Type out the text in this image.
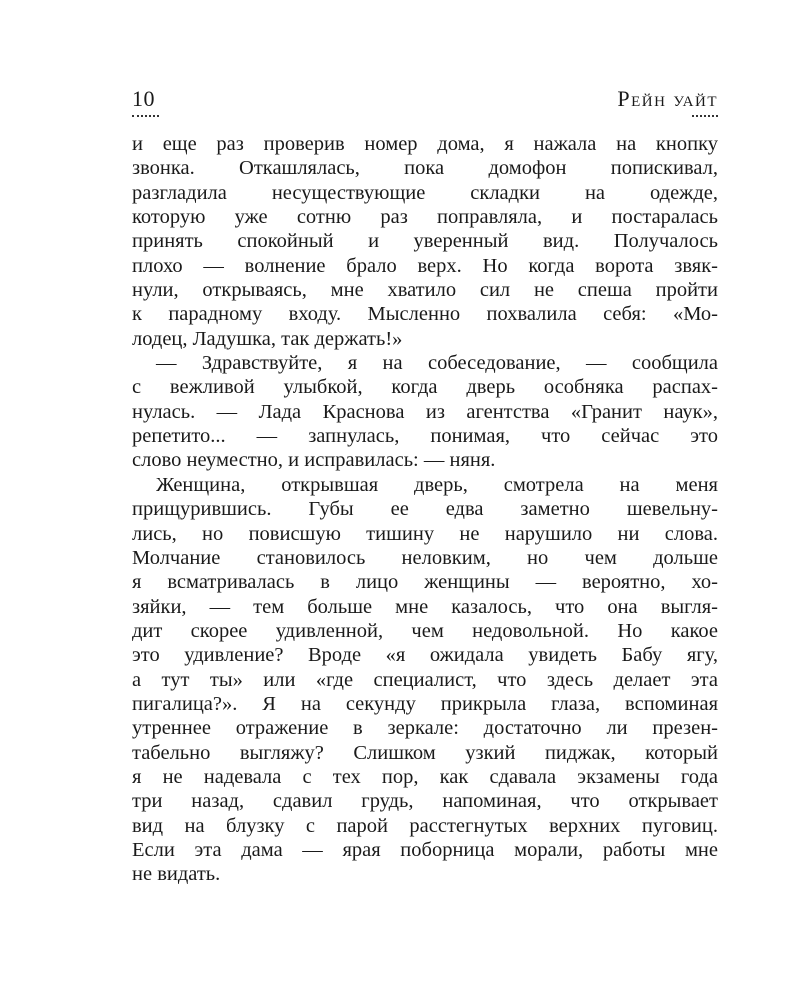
10	Рейн уайт
и еще раз проверив номер дома, я нажала на кнопку
звонка. Откашлялась, пока домофон попискивал,
разгладила несуществующие складки на одежде,
которую уже сотню раз поправляла, и постаралась
принять спокойный и уверенный вид. Получалось
плохо — волнение брало верх. Но когда ворота звяк-
нули, открываясь, мне хватило сил не спеша пройти
к парадному входу. Мысленно похвалила себя: «Мо-
лодец, Ладушка, так держать!»
— Здравствуйте, я на собеседование, — сообщила
с вежливой улыбкой, когда дверь особняка распах-
нулась. — Лада Краснова из агентства «Гранит наук»,
репетито... — запнулась, понимая, что сейчас это
слово неуместно, и исправилась: — няня.
Женщина, открывшая дверь, смотрела на меня
прищурившись. Губы ее едва заметно шевельну-
лись, но повисшую тишину не нарушило ни слова.
Молчание становилось неловким, но чем дольше
я всматривалась в лицо женщины — вероятно, хо-
зяйки, — тем больше мне казалось, что она выгля-
дит скорее удивленной, чем недовольной. Но какое
это удивление? Вроде «я ожидала увидеть Бабу ягу,
а тут ты» или «где специалист, что здесь делает эта
пигалица?». Я на секунду прикрыла глаза, вспоминая
утреннее отражение в зеркале: достаточно ли презен-
табельно выгляжу? Слишком узкий пиджак, который
я не надевала с тех пор, как сдавала экзамены года
три назад, сдавил грудь, напоминая, что открывает
вид на блузку с парой расстегнутых верхних пуговиц.
Если эта дама — ярая поборница морали, работы мне
не видать.
